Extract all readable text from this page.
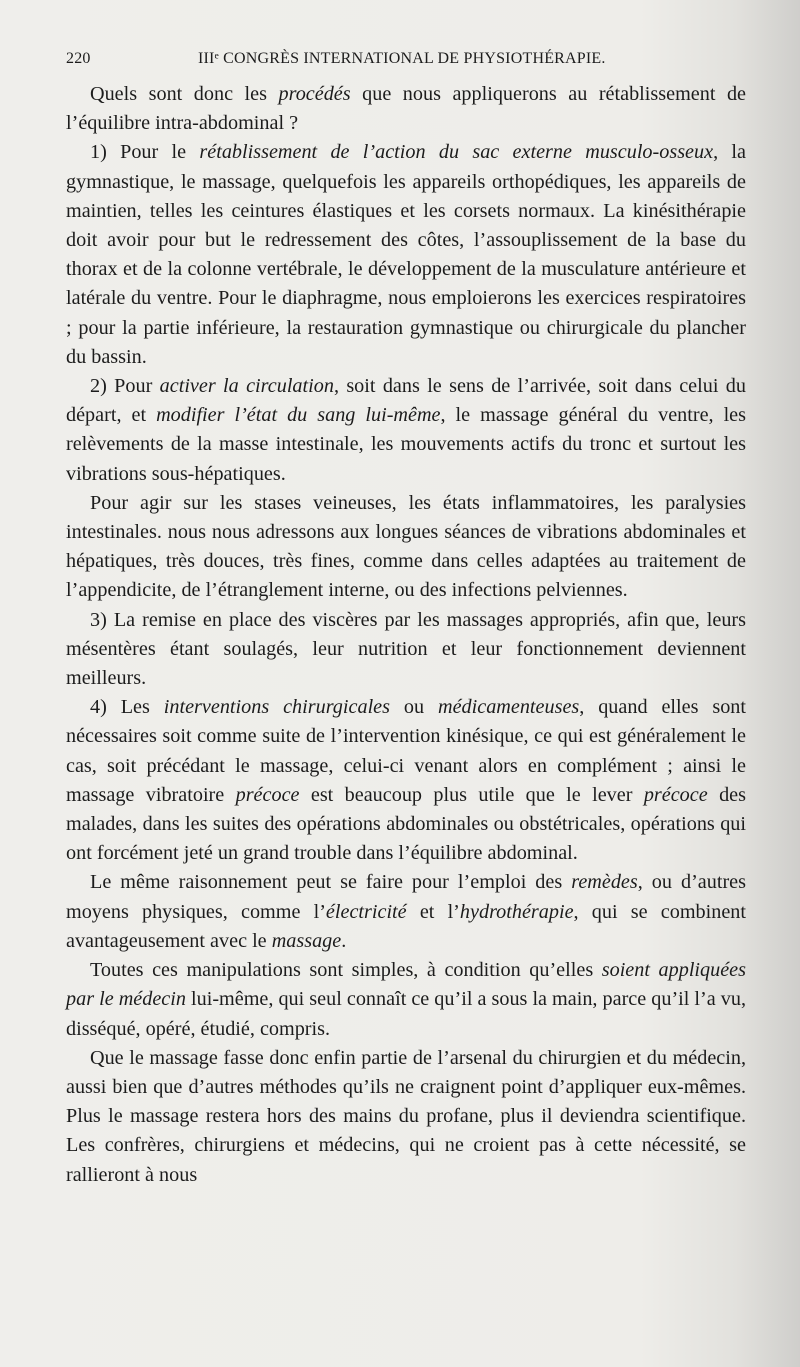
220	IIIᵉ CONGRÈS INTERNATIONAL DE PHYSIOTHÉRAPIE.

Quels sont donc les procédés que nous appliquerons au rétablissement de l’équilibre intra-abdominal ?

1) Pour le rétablissement de l’action du sac externe musculo-osseux, la gymnastique, le massage, quelquefois les appareils orthopédiques, les appareils de maintien, telles les ceintures élastiques et les corsets normaux. La kinésithérapie doit avoir pour but le redressement des côtes, l’assouplissement de la base du thorax et de la colonne vertébrale, le développement de la musculature antérieure et latérale du ventre. Pour le diaphragme, nous emploierons les exercices respiratoires ; pour la partie inférieure, la restauration gymnastique ou chirurgicale du plancher du bassin.

2) Pour activer la circulation, soit dans le sens de l’arrivée, soit dans celui du départ, et modifier l’état du sang lui-même, le massage général du ventre, les relèvements de la masse intestinale, les mouvements actifs du tronc et surtout les vibrations sous-hépatiques.

Pour agir sur les stases veineuses, les états inflammatoires, les paralysies intestinales. nous nous adressons aux longues séances de vibrations abdominales et hépatiques, très douces, très fines, comme dans celles adaptées au traitement de l’appendicite, de l’étranglement interne, ou des infections pelviennes.

3) La remise en place des viscères par les massages appropriés, afin que, leurs mésentères étant soulagés, leur nutrition et leur fonctionnement deviennent meilleurs.

4) Les interventions chirurgicales ou médicamenteuses, quand elles sont nécessaires soit comme suite de l’intervention kinésique, ce qui est généralement le cas, soit précédant le massage, celui-ci venant alors en complément ; ainsi le massage vibratoire précoce est beaucoup plus utile que le lever précoce des malades, dans les suites des opérations abdominales ou obstétricales, opérations qui ont forcément jeté un grand trouble dans l’équilibre abdominal.

Le même raisonnement peut se faire pour l’emploi des remèdes, ou d’autres moyens physiques, comme l’électricité et l’hydrothérapie, qui se combinent avantageusement avec le massage.

Toutes ces manipulations sont simples, à condition qu’elles soient appliquées par le médecin lui-même, qui seul connaît ce qu’il a sous la main, parce qu’il l’a vu, disséqué, opéré, étudié, compris.

Que le massage fasse donc enfin partie de l’arsenal du chirurgien et du médecin, aussi bien que d’autres méthodes qu’ils ne craignent point d’appliquer eux-mêmes. Plus le massage restera hors des mains du profane, plus il deviendra scientifique. Les confrères, chirurgiens et médecins, qui ne croient pas à cette nécessité, se rallieront à nous
